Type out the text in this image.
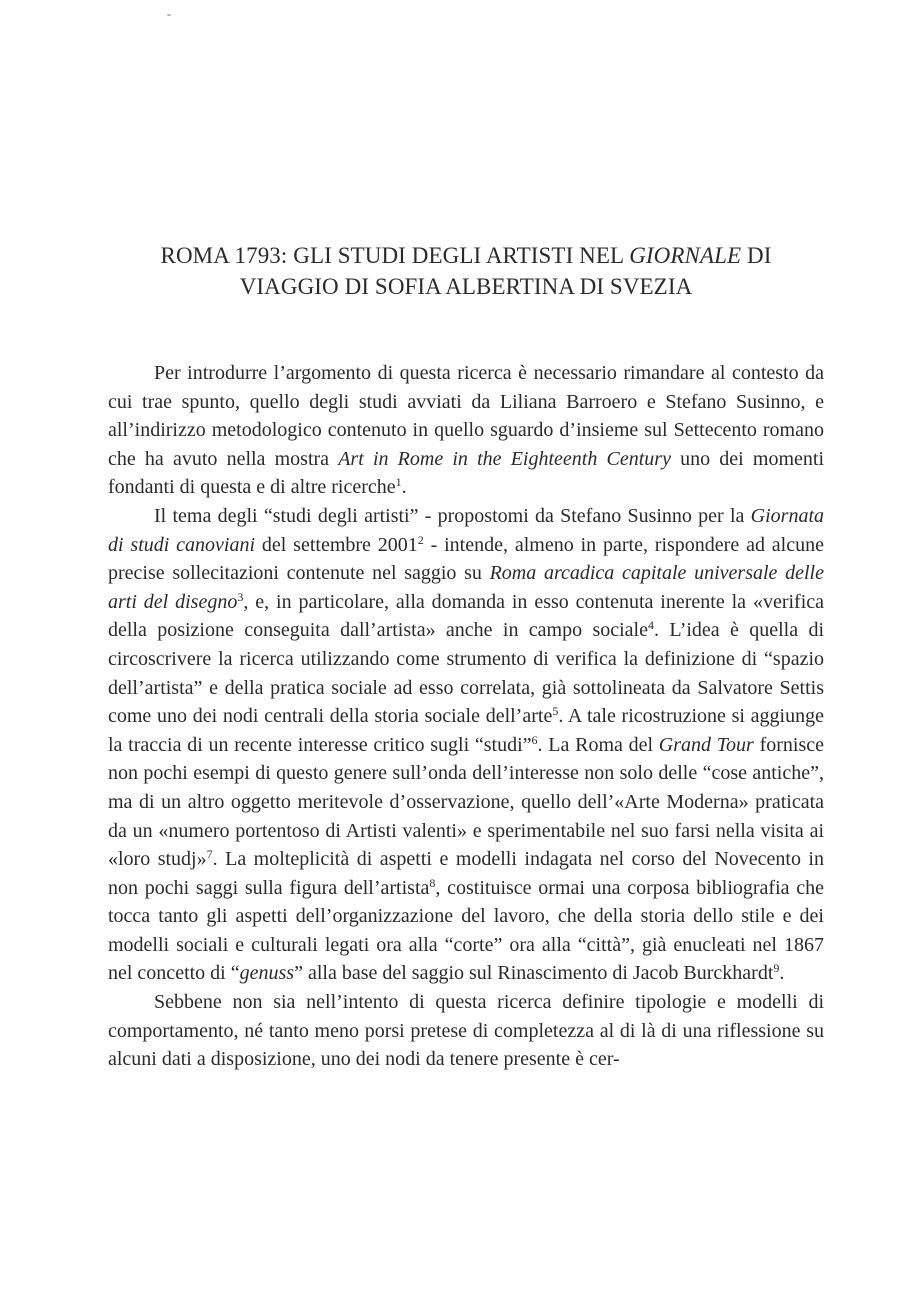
ROMA 1793: GLI STUDI DEGLI ARTISTI NEL GIORNALE DI
VIAGGIO DI SOFIA ALBERTINA DI SVEZIA

Per introdurre l’argomento di questa ricerca è necessario rimandare al contesto da cui trae spunto, quello degli studi avviati da Liliana Barroero e Stefano Susinno, e all’indirizzo metodologico contenuto in quello sguardo d’insieme sul Settecento romano che ha avuto nella mostra Art in Rome in the Eighteenth Century uno dei momenti fondanti di questa e di altre ricerche$^1$.

Il tema degli “studi degli artisti” - propostomi da Stefano Susinno per la Giornata di studi canoviani del settembre 2001$^2$ - intende, almeno in parte, rispondere ad alcune precise sollecitazioni contenute nel saggio su Roma arcadica capitale universale delle arti del disegno$^3$, e, in particolare, alla domanda in esso contenuta inerente la «verifica della posizione conseguita dall’artista» anche in campo sociale$^4$. L’idea è quella di circoscrivere la ricerca utilizzando come strumento di verifica la definizione di “spazio dell’artista” e della pratica sociale ad esso correlata, già sottolineata da Salvatore Settis come uno dei nodi centrali della storia sociale dell’arte$^5$. A tale ricostruzione si aggiunge la traccia di un recente interesse critico sugli “studi”$^6$. La Roma del Grand Tour fornisce non pochi esempi di questo genere sull’onda dell’interesse non solo delle “cose antiche”, ma di un altro oggetto meritevole d’osservazione, quello dell’«Arte Moderna» praticata da un «numero portentoso di Artisti valenti» e sperimentabile nel suo farsi nella visita ai «loro studj»$^7$. La molteplicità di aspetti e modelli indagata nel corso del Novecento in non pochi saggi sulla figura dell’artista$^8$, costituisce ormai una corposa bibliografia che tocca tanto gli aspetti dell’organizzazione del lavoro, che della storia dello stile e dei modelli sociali e culturali legati ora alla “corte” ora alla “città”, già enucleati nel 1867 nel concetto di “genuss” alla base del saggio sul Rinascimento di Jacob Burckhardt$^9$.

Sebbene non sia nell’intento di questa ricerca definire tipologie e modelli di comportamento, né tanto meno porsi pretese di completezza al di là di una riflessione su alcuni dati a disposizione, uno dei nodi da tenere presente è cer-
